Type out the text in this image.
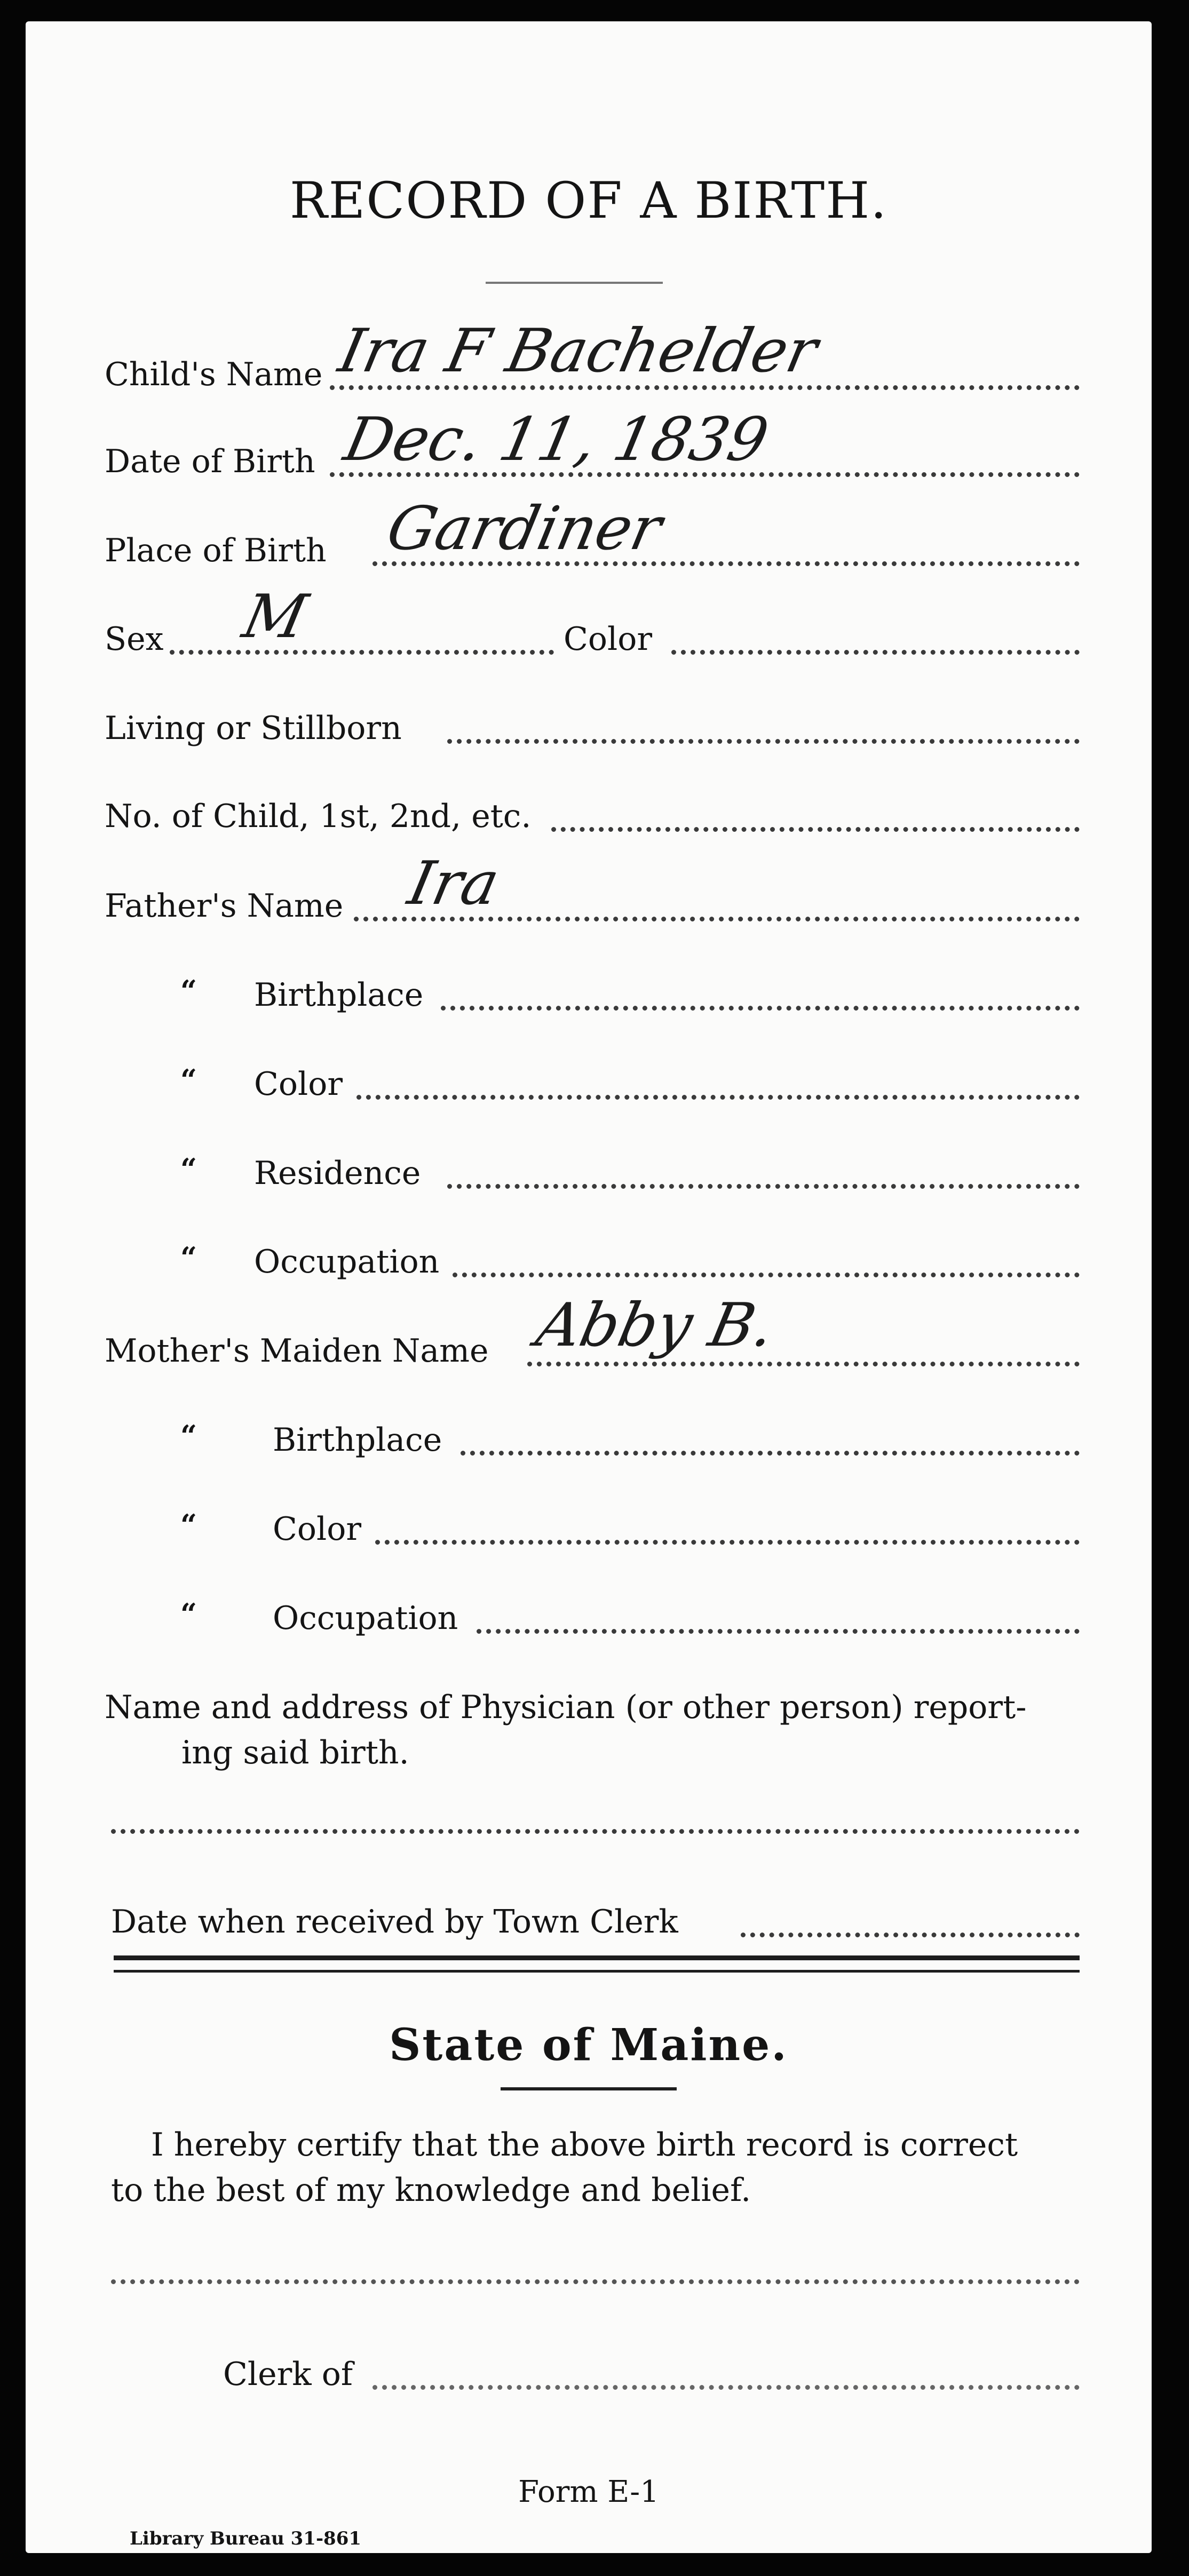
RECORD OF A BIRTH.
Child's Name Ira F Bachelder
Date of Birth Dec. 11, 1839
Place of Birth Gardiner
Sex M	Color
Living or Stillborn
No. of Child, 1st, 2nd, etc.
Father's Name Ira
“ Birthplace
“ Color
“ Residence
“ Occupation
Mother's Maiden Name Abby B.
“ Birthplace
“ Color
“ Occupation
Name and address of Physician (or other person) report-
ing said birth.
Date when received by Town Clerk
State of Maine.
I hereby certify that the above birth record is correct
to the best of my knowledge and belief.
Clerk of
Form E-1
Library Bureau 31-861
